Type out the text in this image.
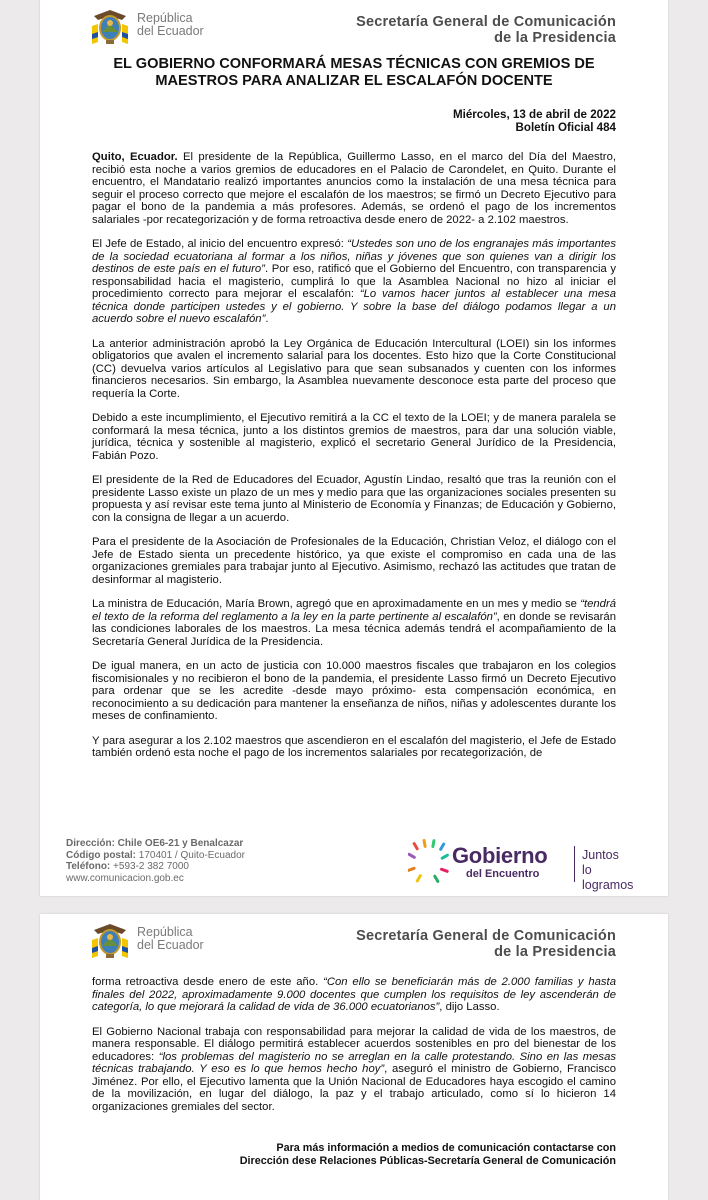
República
del Ecuador
Secretaría General de Comunicación
de la Presidencia
EL GOBIERNO CONFORMARÁ MESAS TÉCNICAS CON GREMIOS DE
MAESTROS PARA ANALIZAR EL ESCALAFÓN DOCENTE
Miércoles, 13 de abril de 2022
Boletín Oficial 484

Quito, Ecuador. El presidente de la República, Guillermo Lasso, en el marco del Día del Maestro, recibió esta noche a varios gremios de educadores en el Palacio de Carondelet, en Quito. Durante el encuentro, el Mandatario realizó importantes anuncios como la instalación de una mesa técnica para seguir el proceso correcto que mejore el escalafón de los maestros; se firmó un Decreto Ejecutivo para pagar el bono de la pandemia a más profesores. Además, se ordenó el pago de los incrementos salariales -por recategorización y de forma retroactiva desde enero de 2022- a 2.102 maestros.

El Jefe de Estado, al inicio del encuentro expresó: “Ustedes son uno de los engranajes más importantes de la sociedad ecuatoriana al formar a los niños, niñas y jóvenes que son quienes van a dirigir los destinos de este país en el futuro”. Por eso, ratificó que el Gobierno del Encuentro, con transparencia y responsabilidad hacia el magisterio, cumplirá lo que la Asamblea Nacional no hizo al iniciar el procedimiento correcto para mejorar el escalafón: “Lo vamos hacer juntos al establecer una mesa técnica donde participen ustedes y el gobierno. Y sobre la base del diálogo podamos llegar a un acuerdo sobre el nuevo escalafón”.

La anterior administración aprobó la Ley Orgánica de Educación Intercultural (LOEI) sin los informes obligatorios que avalen el incremento salarial para los docentes. Esto hizo que la Corte Constitucional (CC) devuelva varios artículos al Legislativo para que sean subsanados y cuenten con los informes financieros necesarios. Sin embargo, la Asamblea nuevamente desconoce esta parte del proceso que requería la Corte.

Debido a este incumplimiento, el Ejecutivo remitirá a la CC el texto de la LOEI; y de manera paralela se conformará la mesa técnica, junto a los distintos gremios de maestros, para dar una solución viable, jurídica, técnica y sostenible al magisterio, explicó el secretario General Jurídico de la Presidencia, Fabián Pozo.

El presidente de la Red de Educadores del Ecuador, Agustín Lindao, resaltó que tras la reunión con el presidente Lasso existe un plazo de un mes y medio para que las organizaciones sociales presenten su propuesta y así revisar este tema junto al Ministerio de Economía y Finanzas; de Educación y Gobierno, con la consigna de llegar a un acuerdo.

Para el presidente de la Asociación de Profesionales de la Educación, Christian Veloz, el diálogo con el Jefe de Estado sienta un precedente histórico, ya que existe el compromiso en cada una de las organizaciones gremiales para trabajar junto al Ejecutivo. Asimismo, rechazó las actitudes que tratan de desinformar al magisterio.

La ministra de Educación, María Brown, agregó que en aproximadamente en un mes y medio se “tendrá el texto de la reforma del reglamento a la ley en la parte pertinente al escalafón”, en donde se revisarán las condiciones laborales de los maestros. La mesa técnica además tendrá el acompañamiento de la Secretaría General Jurídica de la Presidencia.

De igual manera, en un acto de justicia con 10.000 maestros fiscales que trabajaron en los colegios fiscomisionales y no recibieron el bono de la pandemia, el presidente Lasso firmó un Decreto Ejecutivo para ordenar que se les acredite -desde mayo próximo- esta compensación económica, en reconocimiento a su dedicación para mantener la enseñanza de niños, niñas y adolescentes durante los meses de confinamiento.

Y para asegurar a los 2.102 maestros que ascendieron en el escalafón del magisterio, el Jefe de Estado también ordenó esta noche el pago de los incrementos salariales por recategorización, de

Dirección: Chile OE6-21 y Benalcazar
Código postal: 170401 / Quito-Ecuador
Teléfono: +593-2 382 7000
www.comunicacion.gob.ec
Gobierno
del Encuentro
Juntos
lo logramos
República
del Ecuador
Secretaría General de Comunicación
de la Presidencia

forma retroactiva desde enero de este año. “Con ello se beneficiarán más de 2.000 familias y hasta finales del 2022, aproximadamente 9.000 docentes que cumplen los requisitos de ley ascenderán de categoría, lo que mejorará la calidad de vida de 36.000 ecuatorianos”, dijo Lasso.

El Gobierno Nacional trabaja con responsabilidad para mejorar la calidad de vida de los maestros, de manera responsable. El diálogo permitirá establecer acuerdos sostenibles en pro del bienestar de los educadores: “los problemas del magisterio no se arreglan en la calle protestando. Sino en las mesas técnicas trabajando. Y eso es lo que hemos hecho hoy”, aseguró el ministro de Gobierno, Francisco Jiménez. Por ello, el Ejecutivo lamenta que la Unión Nacional de Educadores haya escogido el camino de la movilización, en lugar del diálogo, la paz y el trabajo articulado, como sí lo hicieron 14 organizaciones gremiales del sector.

Para más información a medios de comunicación contactarse con
Dirección dese Relaciones Públicas-Secretaría General de Comunicación
